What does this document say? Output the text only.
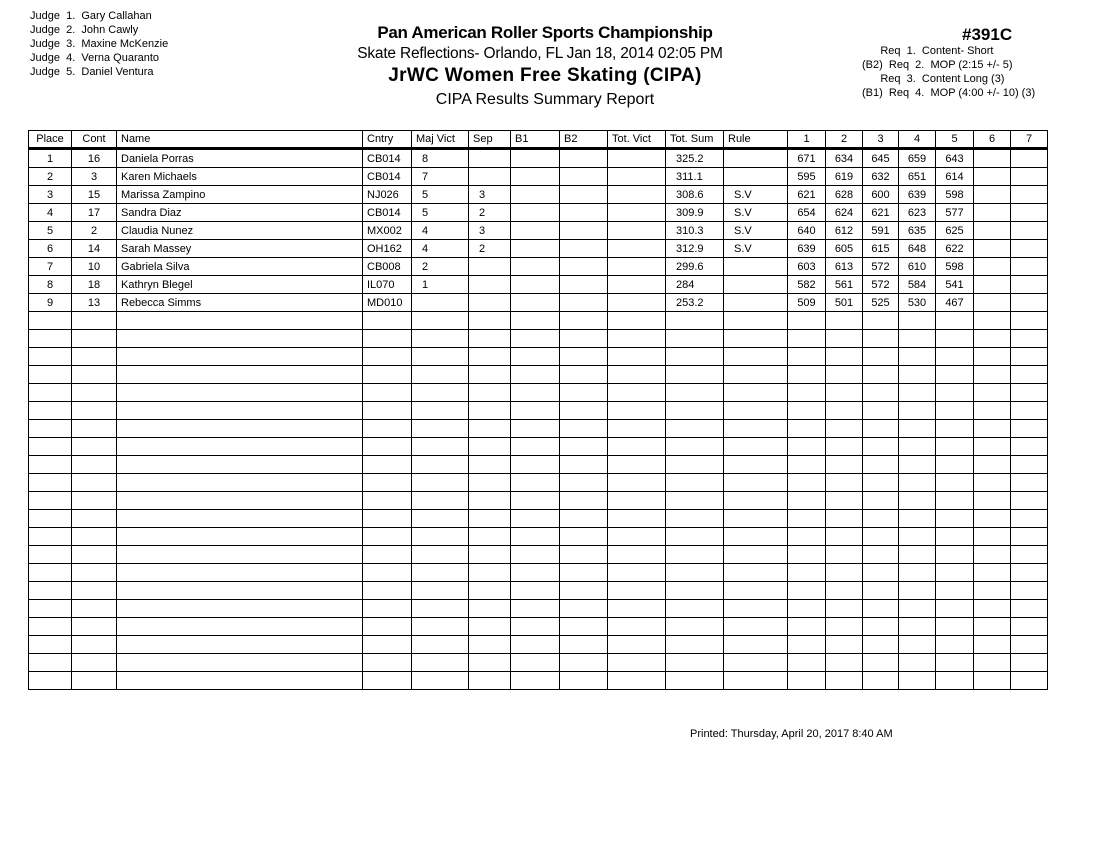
Judge  1.  Gary Callahan
Judge  2.  John Cawly
Judge  3.  Maxine McKenzie
Judge  4.  Verna Quaranto
Judge  5.  Daniel Ventura
Pan American Roller Sports Championship
Skate Reflections- Orlando, FL Jan 18, 2014 02:05 PM
JrWC Women Free Skating (CIPA)
CIPA Results Summary Report
#391C
Req  1.  Content- Short
(B2)  Req  2.  MOP (2:15 +/- 5)
Req  3.  Content Long (3)
(B1)  Req  4.  MOP (4:00 +/- 10) (3)
Place	Cont	Name	Cntry	Maj Vict	Sep	B1	B2	Tot. Vict	Tot. Sum	Rule	1	2	3	4	5	6	7
1	16	Daniela Porras	CB014	8					325.2		671	634	645	659	643		
2	3	Karen Michaels	CB014	7					311.1		595	619	632	651	614		
3	15	Marissa Zampino	NJ026	5	3				308.6	S.V	621	628	600	639	598		
4	17	Sandra Diaz	CB014	5	2				309.9	S.V	654	624	621	623	577		
5	2	Claudia Nunez	MX002	4	3				310.3	S.V	640	612	591	635	625		
6	14	Sarah Massey	OH162	4	2				312.9	S.V	639	605	615	648	622		
7	10	Gabriela Silva	CB008	2					299.6		603	613	572	610	598		
8	18	Kathryn Blegel	IL070	1					284		582	561	572	584	541		
9	13	Rebecca Simms	MD010						253.2		509	501	525	530	467		

Printed: Thursday, April 20, 2017 8:40 AM
